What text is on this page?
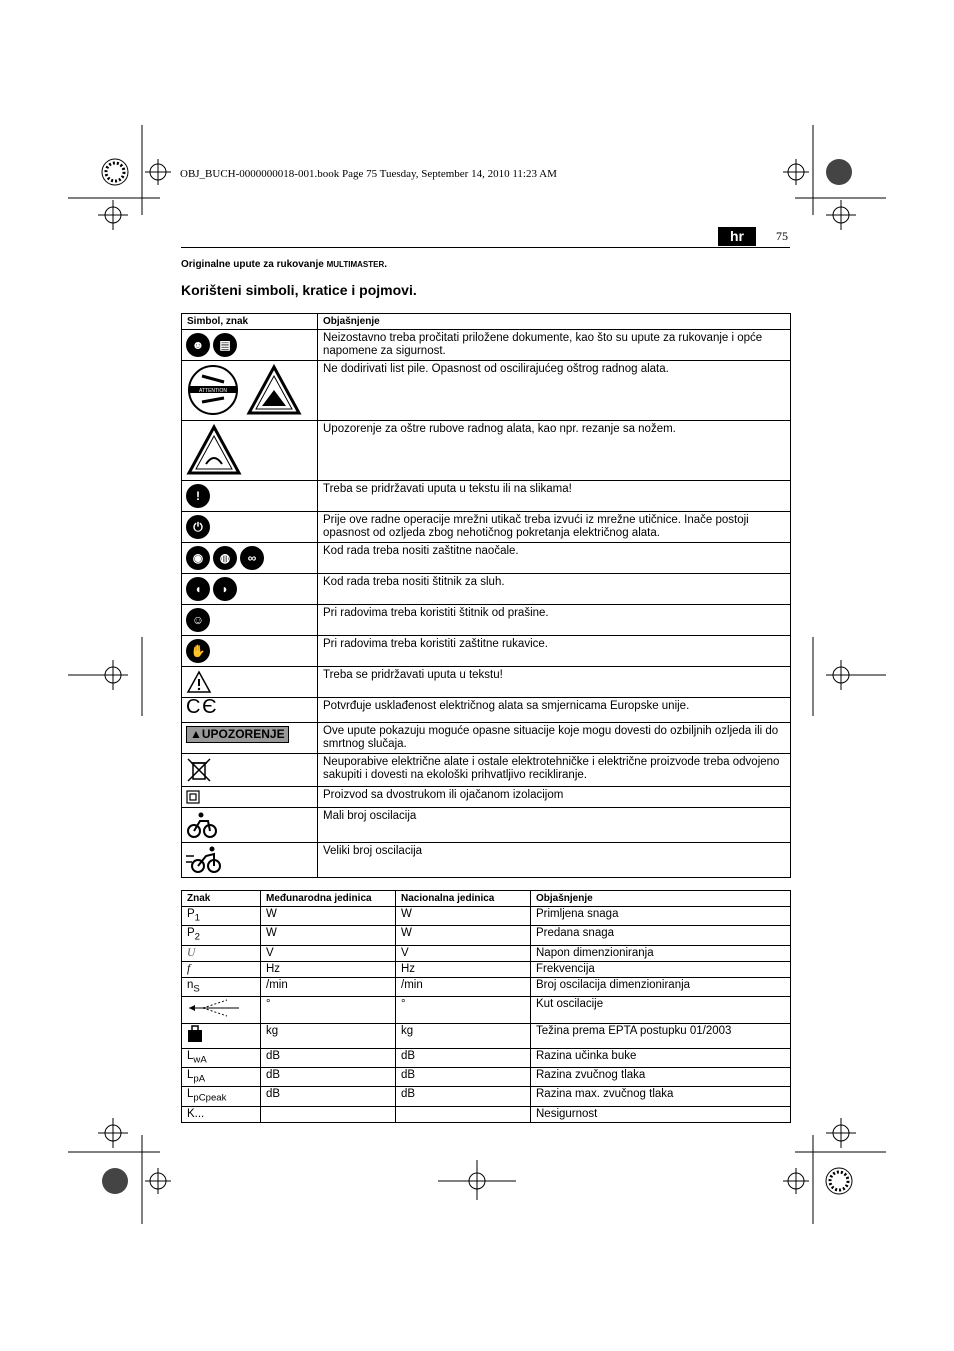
OBJ_BUCH-0000000018-001.book Page 75 Tuesday, September 14, 2010 11:23 AM
hr	75
Originalne upute za rukovanje MULTIMASTER.
Korišteni simboli, kratice i pojmovi.
Simbol, znak	Objašnjenje
☻ ▤	Neizostavno treba pročitati priložene dokumente, kao što su upute za rukovanje i opće napomene za sigurnost.

ATTENTION	Ne dodirivati list pile. Opasnost od oscilirajućeg oštrog radnog alata.
	Upozorenje za oštre rubove radnog alata, kao npr. rezanje sa nožem.
!	Treba se pridržavati uputa u tekstu ili na slikama!
⏻	Prije ove radne operacije mrežni utikač treba izvući iz mrežne utičnice. Inače postoji opasnost od ozljeda zbog nehotičnog pokretanja električnog alata.
◉ ◍ ∞	Kod rada treba nositi zaštitne naočale.
◖ ◗	Kod rada treba nositi štitnik za sluh.
☺	Pri radovima treba koristiti štitnik od prašine.
✋	Pri radovima treba koristiti zaštitne rukavice.
	Treba se pridržavati uputa u tekstu!
C Є	Potvrđuje usklađenost električnog alata sa smjernicama Europske unije.
▲UPOZORENJE	Ove upute pokazuju moguće opasne situacije koje mogu dovesti do ozbiljnih ozljeda ili do smrtnog slučaja.
	Neuporabive električne alate i ostale elektrotehničke i električne proizvode treba odvojeno sakupiti i dovesti na ekološki prihvatljivo recikliranje.
	Proizvod sa dvostrukom ili ojačanom izolacijom
	Mali broj oscilacija
	Veliki broj oscilacija
Znak	Međunarodna jedinica	Nacionalna jedinica	Objašnjenje
$P_1$	W	W	Primljena snaga
$P_2$	W	W	Predana snaga
U	V	V	Napon dimenzioniranja
f	Hz	Hz	Frekvencija
$n_S$	/min	/min	Broj oscilacija dimenzioniranja
	°	°	Kut oscilacije
	kg	kg	Težina prema EPTA postupku 01/2003
$L_{wA}$	dB	dB	Razina učinka buke
$L_{pA}$	dB	dB	Razina zvučnog tlaka
$L_{pCpeak}$	dB	dB	Razina max. zvučnog tlaka
K...			Nesigurnost
